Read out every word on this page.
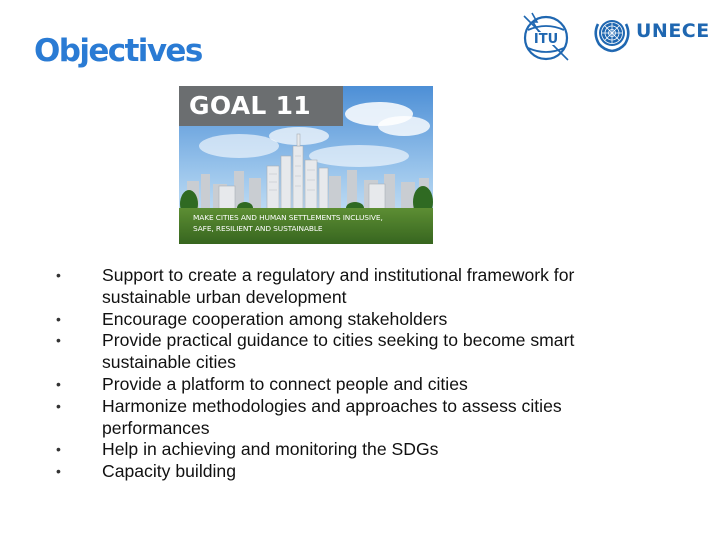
Objectives	ITU	UNECE
GOAL 11
MAKE CITIES AND HUMAN SETTLEMENTS INCLUSIVE,
SAFE, RESILIENT AND SUSTAINABLE
• Support to create a regulatory and institutional framework for sustainable urban development
• Encourage cooperation among stakeholders
• Provide practical guidance to cities seeking to become smart sustainable cities
• Provide a platform to connect people and cities
• Harmonize methodologies and approaches to assess cities performances
• Help in achieving and monitoring the SDGs
• Capacity building
